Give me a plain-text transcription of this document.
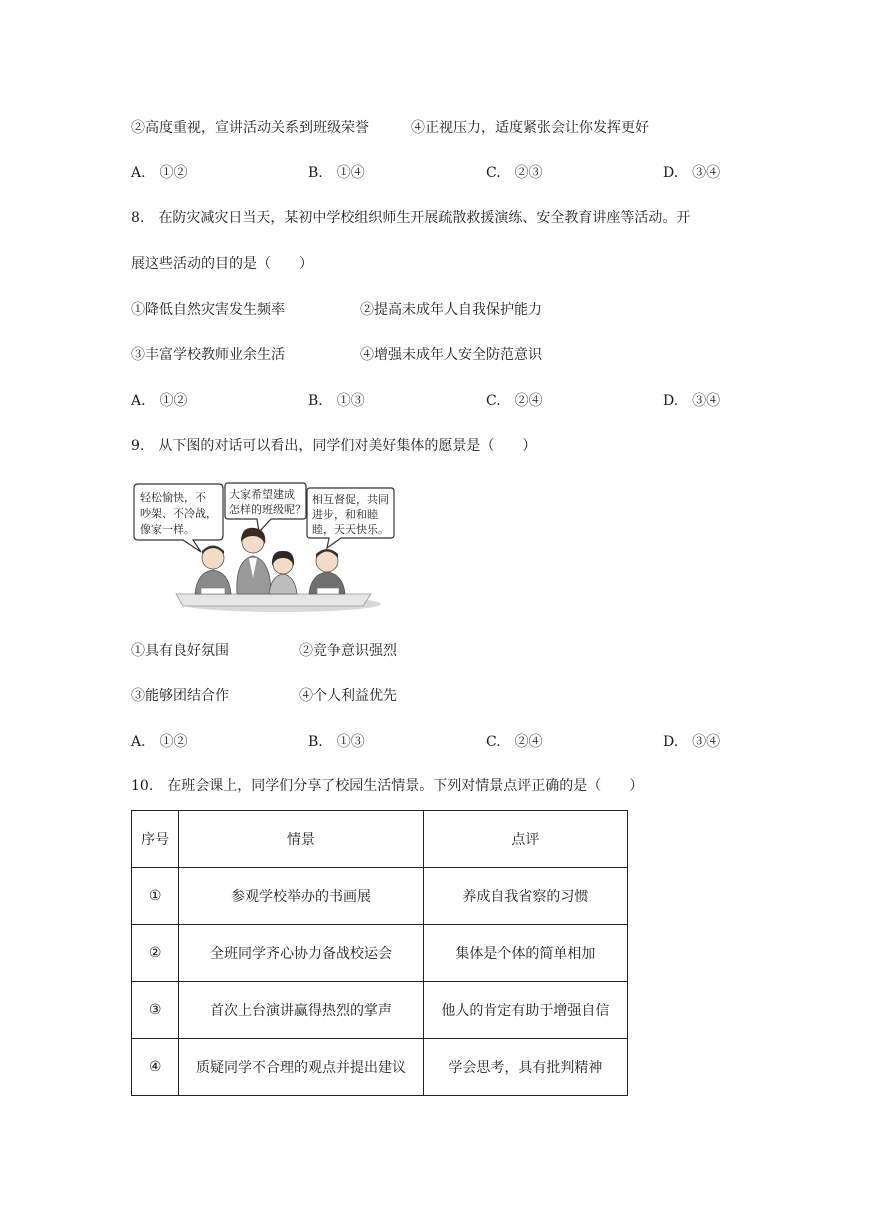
②高度重视，宣讲活动关系到班级荣誉　　　④正视压力，适度紧张会让你发挥更好
A.　①②	B.　①④	C.　②③	D.　③④
8.　在防灾减灾日当天，某初中学校组织师生开展疏散救援演练、安全教育讲座等活动。开
展这些活动的目的是（　　）
①降低自然灾害发生频率	②提高未成年人自我保护能力
③丰富学校教师业余生活	④增强未成年人安全防范意识
A.　①②	B.　①③	C.　②④	D.　③④
9.　从下图的对话可以看出，同学们对美好集体的愿景是（　　）
轻松愉快，不
吵架、不冷战，
像家一样。
大家希望建成
怎样的班级呢？
相互督促，共同
进步，和和睦
睦，天天快乐。
①具有良好氛围	②竞争意识强烈
③能够团结合作	④个人利益优先
A.　①②	B.　①③	C.　②④	D.　③④
10.　在班会课上，同学们分享了校园生活情景。下列对情景点评正确的是（　　）
序号	情景	点评
①	参观学校举办的书画展	养成自我省察的习惯
②	全班同学齐心协力备战校运会	集体是个体的简单相加
③	首次上台演讲赢得热烈的掌声	他人的肯定有助于增强自信
④	质疑同学不合理的观点并提出建议	学会思考，具有批判精神
